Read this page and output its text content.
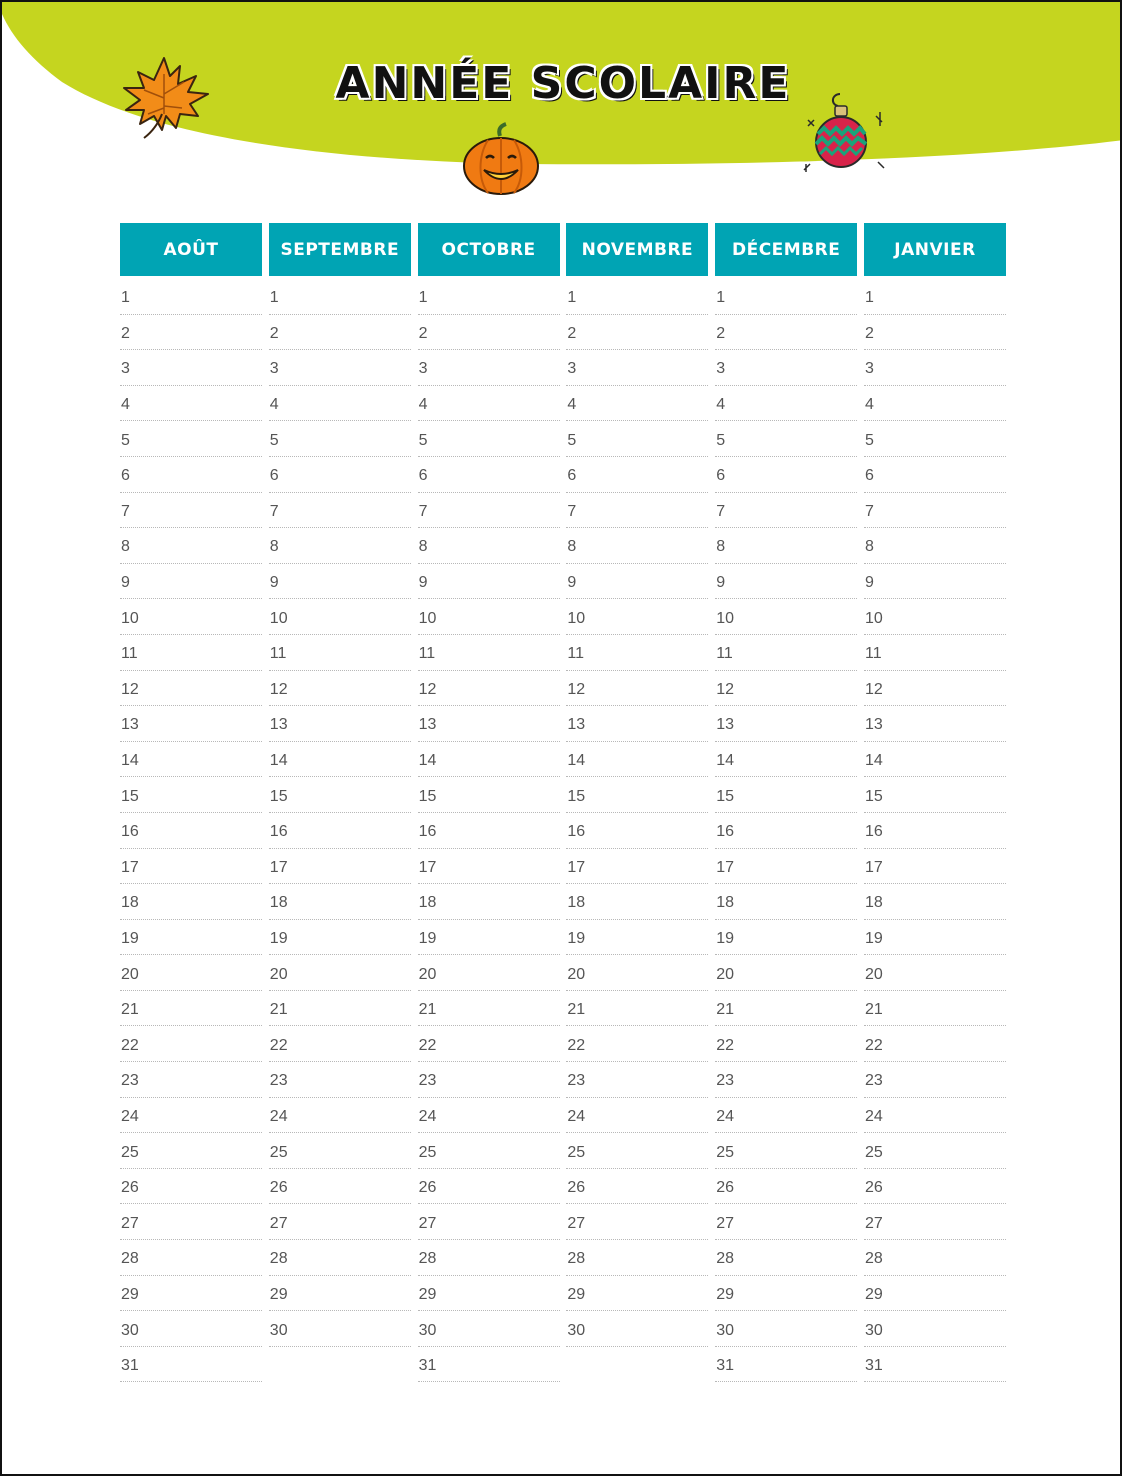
ANNÉE SCOLAIRE
AOÛT
1
2
3
4
5
6
7
8
9
10
11
12
13
14
15
16
17
18
19
20
21
22
23
24
25
26
27
28
29
30
31
SEPTEMBRE
1
2
3
4
5
6
7
8
9
10
11
12
13
14
15
16
17
18
19
20
21
22
23
24
25
26
27
28
29
30
OCTOBRE
1
2
3
4
5
6
7
8
9
10
11
12
13
14
15
16
17
18
19
20
21
22
23
24
25
26
27
28
29
30
31
NOVEMBRE
1
2
3
4
5
6
7
8
9
10
11
12
13
14
15
16
17
18
19
20
21
22
23
24
25
26
27
28
29
30
DÉCEMBRE
1
2
3
4
5
6
7
8
9
10
11
12
13
14
15
16
17
18
19
20
21
22
23
24
25
26
27
28
29
30
31
JANVIER
1
2
3
4
5
6
7
8
9
10
11
12
13
14
15
16
17
18
19
20
21
22
23
24
25
26
27
28
29
30
31
